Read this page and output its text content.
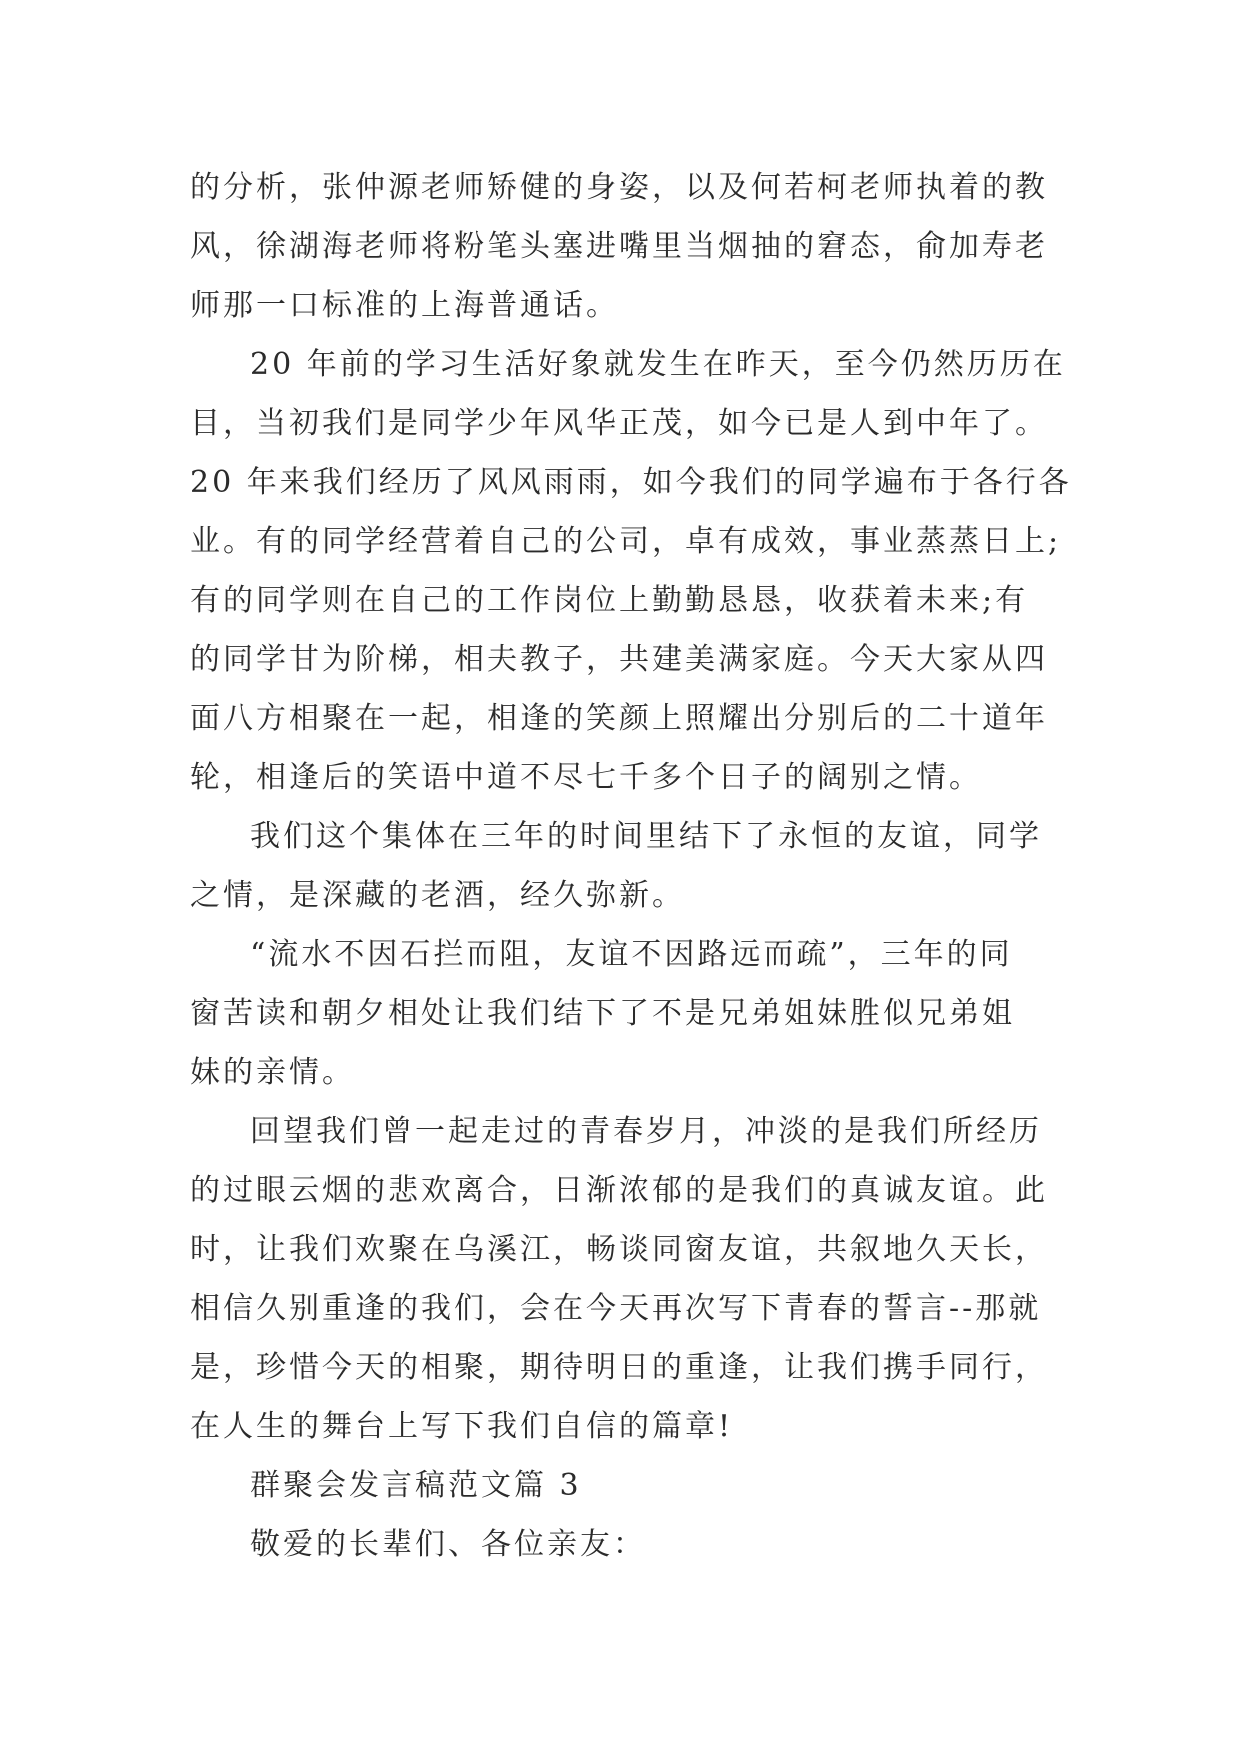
的分析，张仲源老师矫健的身姿，以及何若柯老师执着的教
风，徐湖海老师将粉笔头塞进嘴里当烟抽的窘态，俞加寿老
师那一口标准的上海普通话。

20 年前的学习生活好象就发生在昨天，至今仍然历历在
目，当初我们是同学少年风华正茂，如今已是人到中年了。
20 年来我们经历了风风雨雨，如今我们的同学遍布于各行各
业。有的同学经营着自己的公司，卓有成效，事业蒸蒸日上;
有的同学则在自己的工作岗位上勤勤恳恳，收获着未来;有
的同学甘为阶梯，相夫教子，共建美满家庭。今天大家从四
面八方相聚在一起，相逢的笑颜上照耀出分别后的二十道年
轮，相逢后的笑语中道不尽七千多个日子的阔别之情。

我们这个集体在三年的时间里结下了永恒的友谊，同学
之情，是深藏的老酒，经久弥新。

“流水不因石拦而阻，友谊不因路远而疏”，三年的同
窗苦读和朝夕相处让我们结下了不是兄弟姐妹胜似兄弟姐
妹的亲情。

回望我们曾一起走过的青春岁月，冲淡的是我们所经历
的过眼云烟的悲欢离合，日渐浓郁的是我们的真诚友谊。此
时，让我们欢聚在乌溪江，畅谈同窗友谊，共叙地久天长，
相信久别重逢的我们，会在今天再次写下青春的誓言--那就
是，珍惜今天的相聚，期待明日的重逢，让我们携手同行，
在人生的舞台上写下我们自信的篇章!

群聚会发言稿范文篇 3

敬爱的长辈们、各位亲友：
